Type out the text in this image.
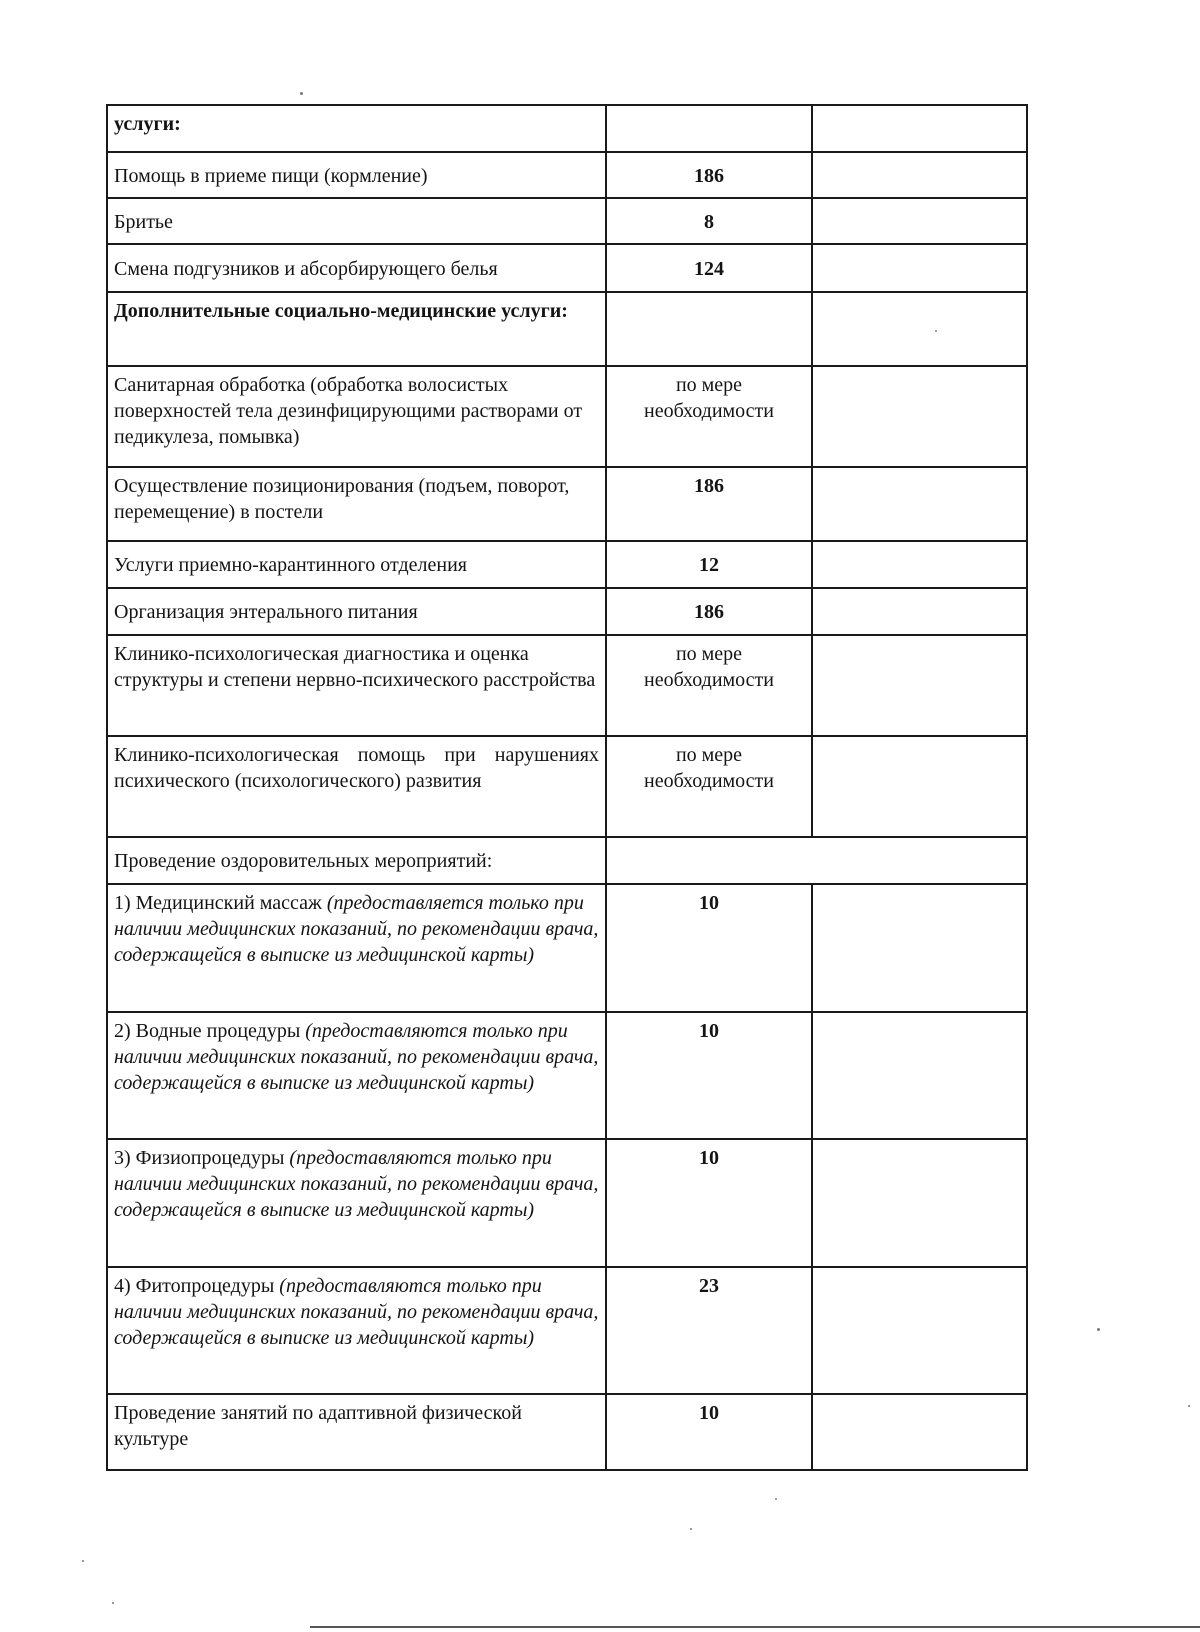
услуги:		
Помощь в приеме пищи (кормление)	186	
Бритье	8	
Смена подгузников и абсорбирующего белья	124	
Дополнительные социально-медицинские услуги:		
Санитарная обработка (обработка волосистых поверхностей тела дезинфицирующими растворами от педикулеза, помывка)	по мере необходимости	
Осуществление позиционирования (подъем, поворот, перемещение) в постели	186	
Услуги приемно-карантинного отделения	12	
Организация энтерального питания	186	
Клинико-психологическая диагностика и оценка структуры и степени нервно-психического расстройства	по мере необходимости	
Клинико-психологическая помощь при нарушениях психического (психологического) развития	по мере необходимости	
Проведение оздоровительных мероприятий:		
1) Медицинский массаж (предоставляется только при наличии медицинских показаний, по рекомендации врача, содержащейся в выписке из медицинской карты)	10	
2) Водные процедуры (предоставляются только при наличии медицинских показаний, по рекомендации врача, содержащейся в выписке из медицинской карты)	10	
3) Физиопроцедуры (предоставляются только при наличии медицинских показаний, по рекомендации врача, содержащейся в выписке из медицинской карты)	10	
4) Фитопроцедуры (предоставляются только при наличии медицинских показаний, по рекомендации врача, содержащейся в выписке из медицинской карты)	23	
Проведение занятий по адаптивной физической культуре	10	
